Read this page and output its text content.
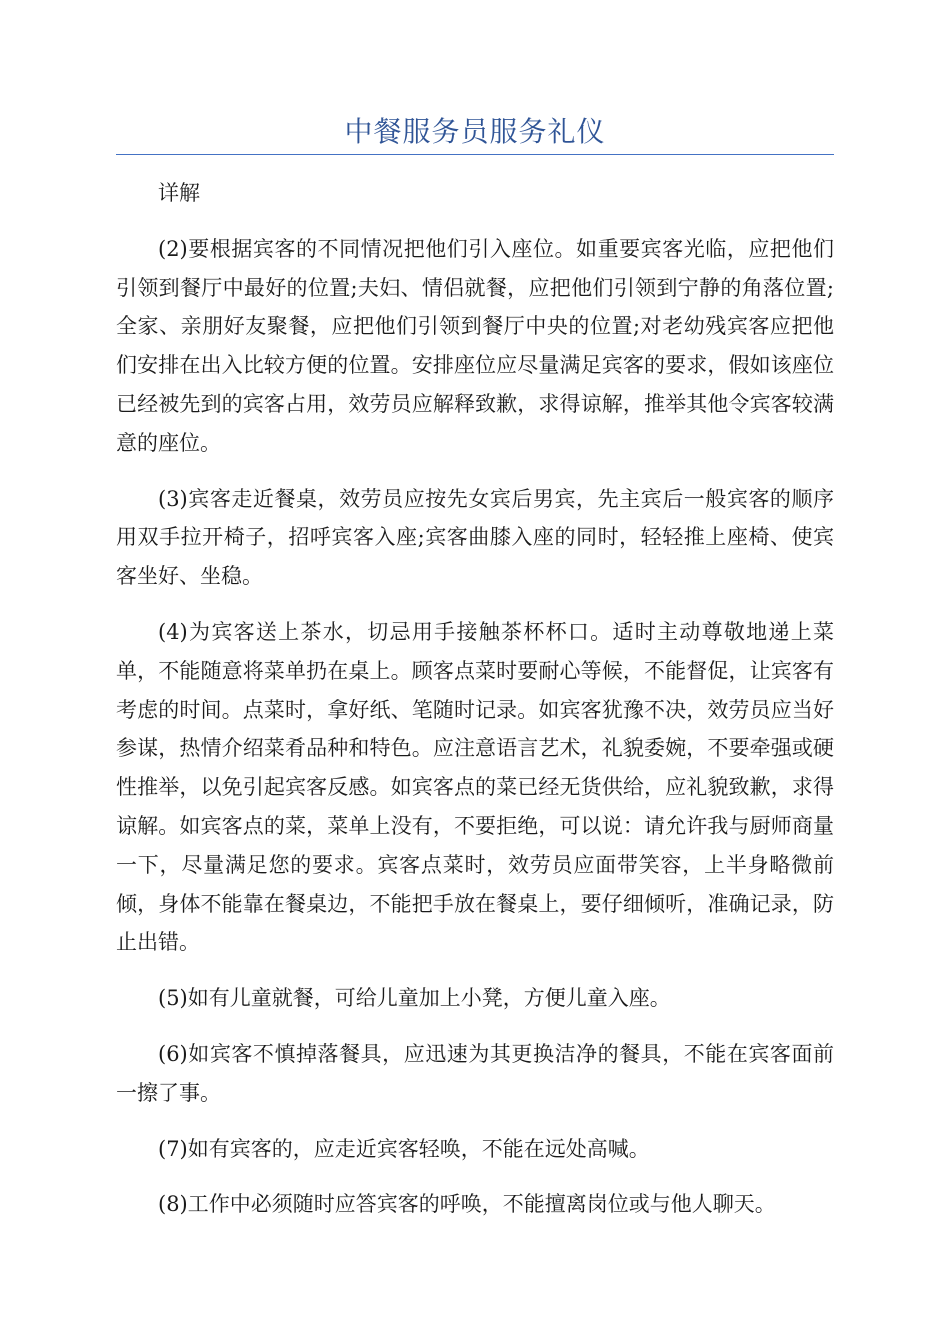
中餐服务员服务礼仪

详解

(2)要根据宾客的不同情况把他们引入座位。如重要宾客光临，应把他们引领到餐厅中最好的位置;夫妇、情侣就餐，应把他们引领到宁静的角落位置;全家、亲朋好友聚餐，应把他们引领到餐厅中央的位置;对老幼残宾客应把他们安排在出入比较方便的位置。安排座位应尽量满足宾客的要求，假如该座位已经被先到的宾客占用，效劳员应解释致歉，求得谅解，推举其他令宾客较满意的座位。

(3)宾客走近餐桌，效劳员应按先女宾后男宾，先主宾后一般宾客的顺序用双手拉开椅子，招呼宾客入座;宾客曲膝入座的同时，轻轻推上座椅、使宾客坐好、坐稳。

(4)为宾客送上茶水，切忌用手接触茶杯杯口。适时主动尊敬地递上菜单，不能随意将菜单扔在桌上。顾客点菜时要耐心等候，不能督促，让宾客有考虑的时间。点菜时，拿好纸、笔随时记录。如宾客犹豫不决，效劳员应当好参谋，热情介绍菜肴品种和特色。应注意语言艺术，礼貌委婉，不要牵强或硬性推举，以免引起宾客反感。如宾客点的菜已经无货供给，应礼貌致歉，求得谅解。如宾客点的菜，菜单上没有，不要拒绝，可以说：请允许我与厨师商量一下，尽量满足您的要求。宾客点菜时，效劳员应面带笑容，上半身略微前倾，身体不能靠在餐桌边，不能把手放在餐桌上，要仔细倾听，准确记录，防止出错。

(5)如有儿童就餐，可给儿童加上小凳，方便儿童入座。

(6)如宾客不慎掉落餐具，应迅速为其更换洁净的餐具，不能在宾客面前一擦了事。

(7)如有宾客的，应走近宾客轻唤，不能在远处高喊。

(8)工作中必须随时应答宾客的呼唤，不能擅离岗位或与他人聊天。
